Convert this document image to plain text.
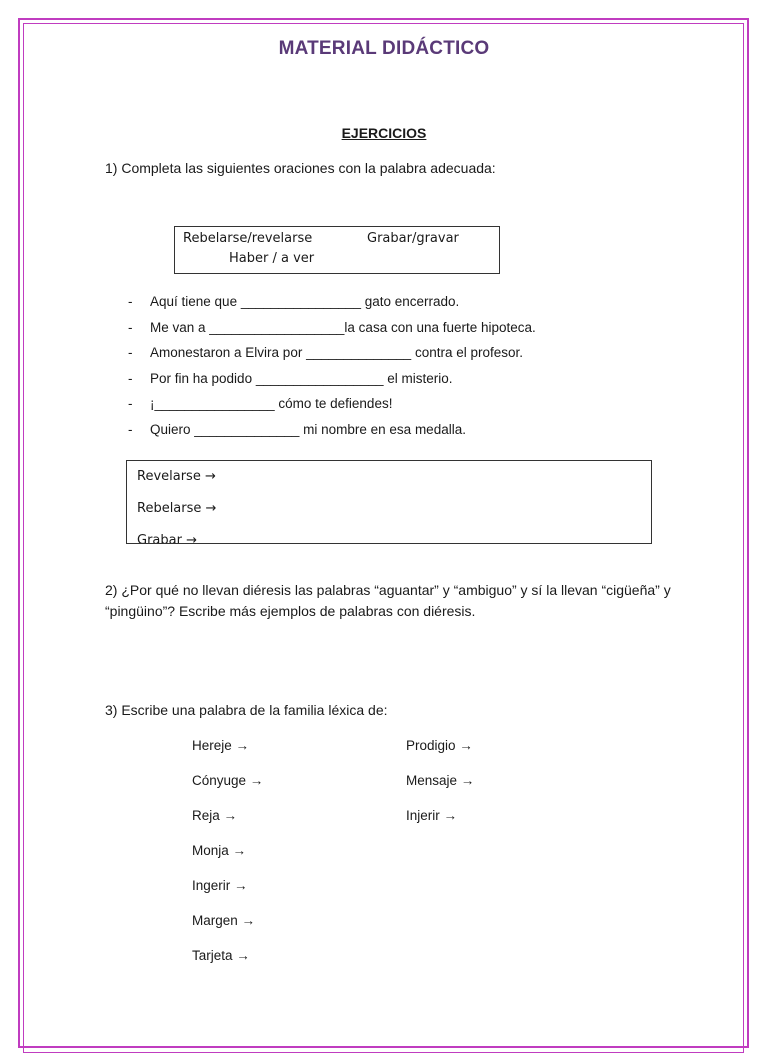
MATERIAL DIDÁCTICO
EJERCICIOS
1) Completa las siguientes oraciones con la palabra adecuada:
Rebelarse/revelarse	Grabar/gravar
Haber / a ver
- Aquí tiene que ________________ gato encerrado.
- Me van a __________________la casa con una fuerte hipoteca.
- Amonestaron a Elvira por ______________ contra el profesor.
- Por fin ha podido _________________ el misterio.
- ¡________________ cómo te defiendes!
- Quiero ______________ mi nombre en esa medalla.
Revelarse →
Rebelarse →
Grabar →
2) ¿Por qué no llevan diéresis las palabras “aguantar” y “ambiguo” y sí la llevan “cigüeña” y “pingüino”? Escribe más ejemplos de palabras con diéresis.
3) Escribe una palabra de la familia léxica de:
Hereje →
Cónyuge →
Reja →
Monja →
Ingerir →
Margen →
Tarjeta →
Prodigio →
Mensaje →
Injerir →
